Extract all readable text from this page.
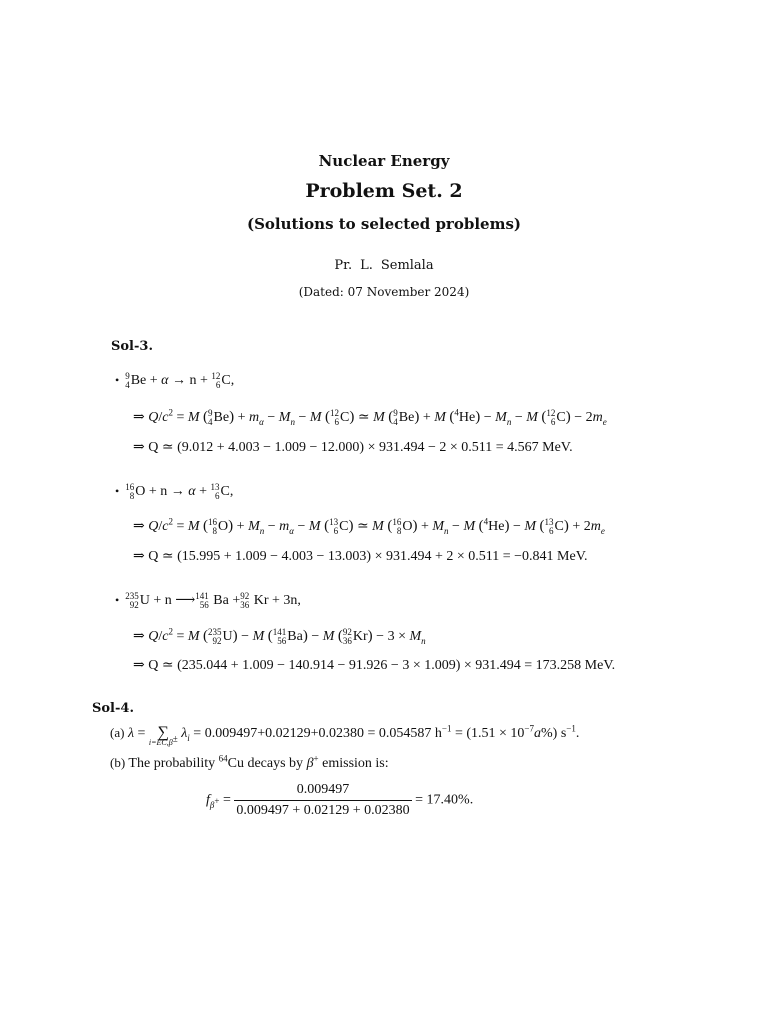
Nuclear Energy
Problem Set. 2
(Solutions to selected problems)
Pr. L. Semlala
(Dated: 07 November 2024)
Sol-3.
• 9
4 Be + α → n + 12
6 C,
⇒ $Q/c^2 = M$ ( 9
4 $Be) + m_\alpha - M_n - M$ ( 12
6 C) ≃ M ( 9
4 Be) + M $(^4He) - M_n - M$ ( 12
6 $C) - 2m_e$
⇒ Q ≃ (9.012 + 4.003 − 1.009 − 12.000) × 931.494 − 2 × 0.511 = 4.567 MeV.
• 16
8 O + n → α + 13
6 C,
⇒ $Q/c^2 = M$ ( 16
8 $O) + M_n - m_\alpha - M$ ( 13
6 C) ≃ M ( 16
8 $O) + M_n - M$ ($^4$He) − M ( 13
6 $C) + 2m_e$
⇒ Q ≃ (15.995 + 1.009 − 4.003 − 13.003) × 931.494 + 2 × 0.511 = −0.841 MeV.
• 235
92 U + n ⟶ 141
56 Ba + 92
36 Kr + 3n,
⇒ $Q/c^2 = M$ ( 235
92 U) − M ( 141
56 Ba) − M ( 92
36 $Kr) - 3 \times M_n$
⇒ Q ≃ (235.044 + 1.009 − 140.914 − 91.926 − 3 × 1.009) × 931.494 = 173.258 MeV.
Sol-4.
(a) λ = ∑
i=EC,β± $\lambda_i = 0.009497+0.02129+0.02380 = 0.054587$ $h^{-1} = (1.51 \times 10^{-7}a\%)$ $s^{-1}$.
(b) The probability $^{64}$Cu decays by β+ emission is:
$f_{\beta^+} = \frac{0.009497}{0.009497 + 0.02129 + 0.02380} = 17.40\%$.
